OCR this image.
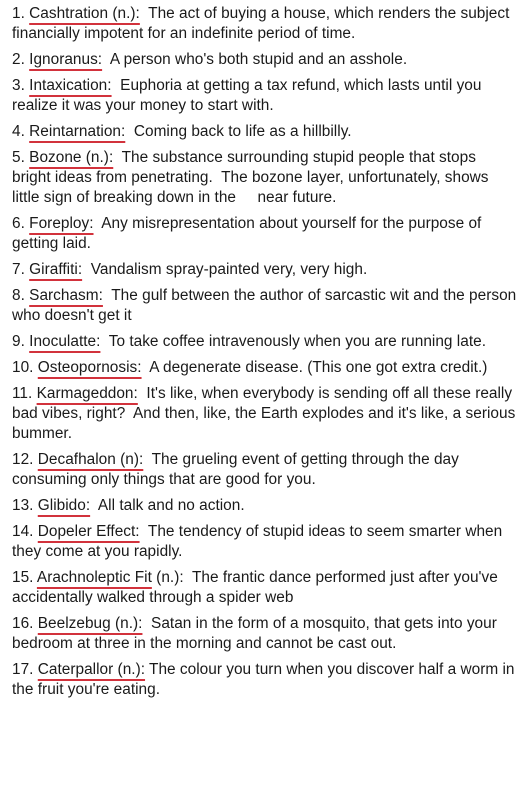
1. Cashtration (n.):  The act of buying a house, which renders the subject financially impotent for an indefinite period of time.

2. Ignoranus:  A person who's both stupid and an asshole.

3. Intaxication:  Euphoria at getting a tax refund, which lasts until you realize it was your money to start with.

4. Reintarnation:  Coming back to life as a hillbilly.

5. Bozone (n.):  The substance surrounding stupid people that stops bright ideas from penetrating.  The bozone layer, unfortunately, shows little sign of breaking down in the     near future.

6. Foreploy:  Any misrepresentation about yourself for the purpose of getting laid.

7. Giraffiti:  Vandalism spray-painted very, very high.

8. Sarchasm:  The gulf between the author of sarcastic wit and the person who doesn't get it

9. Inoculatte:  To take coffee intravenously when you are running late.

10. Osteopornosis:  A degenerate disease. (This one got extra credit.)

11. Karmageddon:  It's like, when everybody is sending off all these really bad vibes, right?  And then, like, the Earth explodes and it's like, a serious bummer.

12. Decafhalon (n):  The grueling event of getting through the day consuming only things that are good for you.

13. Glibido:  All talk and no action.

14. Dopeler Effect:  The tendency of stupid ideas to seem smarter when they come at you rapidly.

15. Arachnoleptic Fit (n.):  The frantic dance performed just after you've accidentally walked through a spider web

16. Beelzebug (n.):  Satan in the form of a mosquito, that gets into your bedroom at three in the morning and cannot be cast out.

17. Caterpallor (n.): The colour you turn when you discover half a worm in the fruit you're eating.
